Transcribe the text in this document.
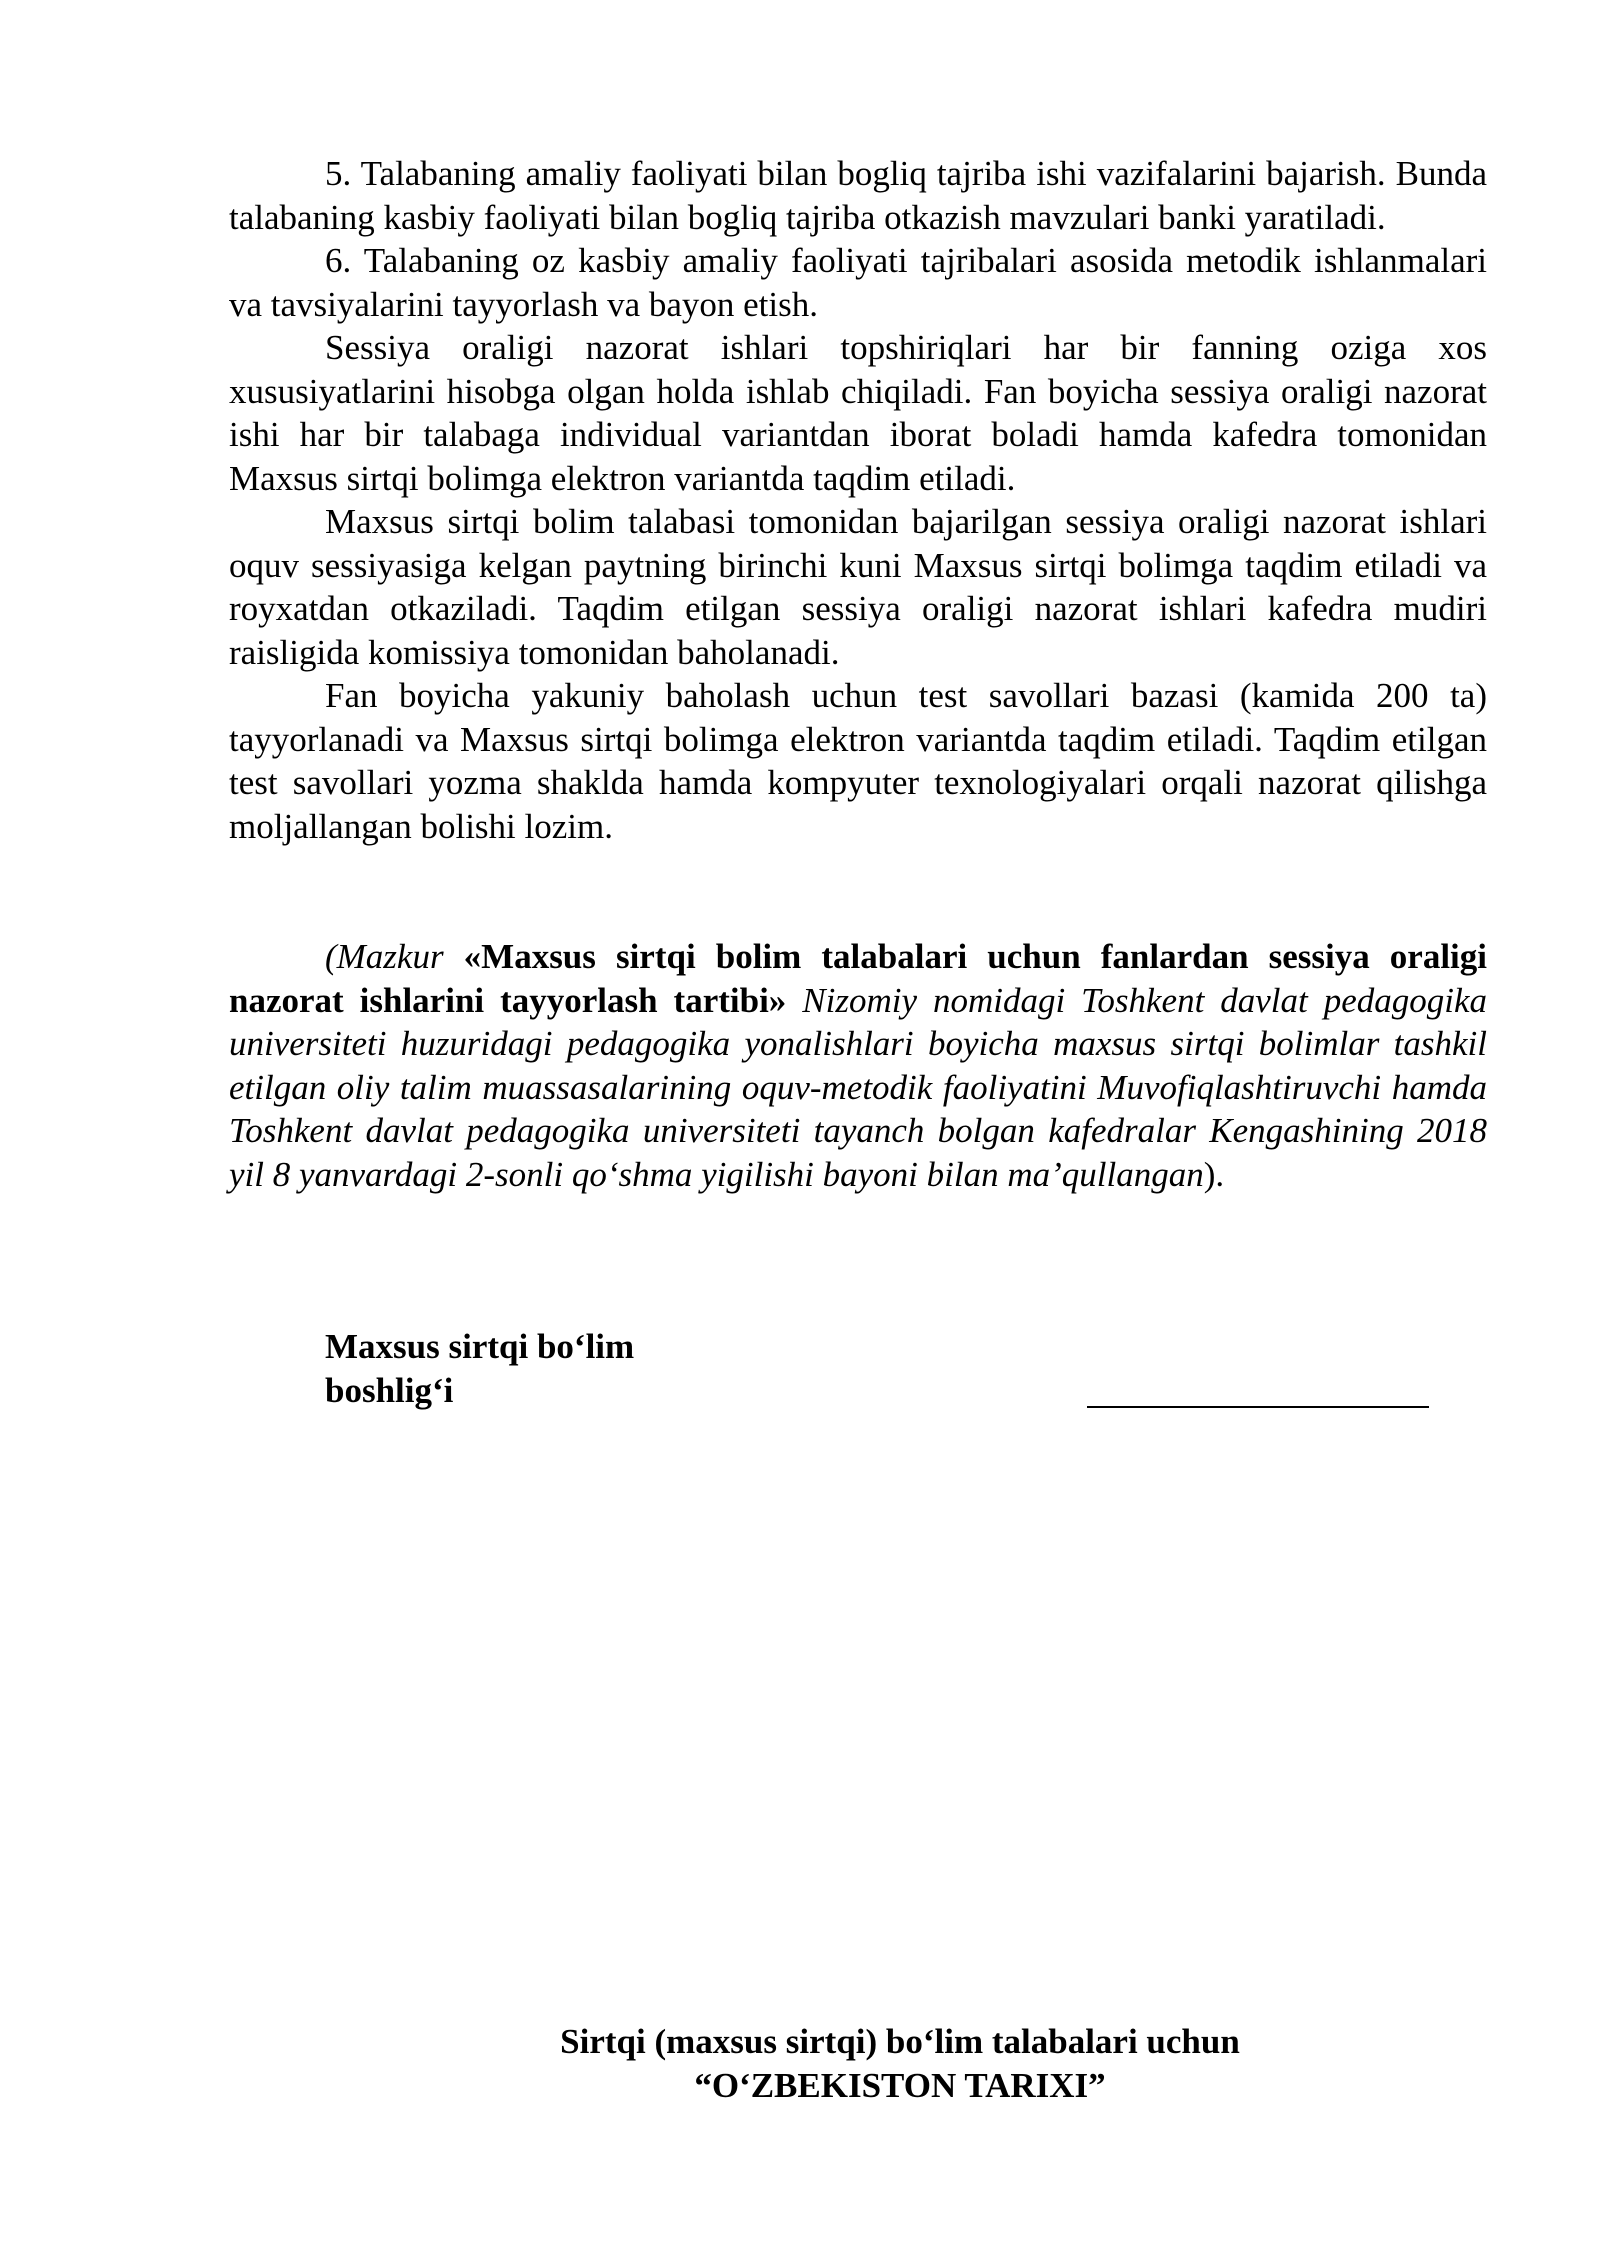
5. Talabaning amaliy faoliyati bilan bogliq tajriba ishi vazifalarini bajarish. Bunda talabaning kasbiy faoliyati bilan bogliq tajriba otkazish mavzulari banki yaratiladi.

6. Talabaning oz kasbiy amaliy faoliyati tajribalari asosida metodik ishlanmalari va tavsiyalarini tayyorlash va bayon etish.

Sessiya oraligi nazorat ishlari topshiriqlari har bir fanning oziga xos xususiyatlarini hisobga olgan holda ishlab chiqiladi. Fan boyicha sessiya oraligi nazorat ishi har bir talabaga individual variantdan iborat boladi hamda kafedra tomonidan Maxsus sirtqi bolimga elektron variantda taqdim etiladi.

Maxsus sirtqi bolim talabasi tomonidan bajarilgan sessiya oraligi nazorat ishlari oquv sessiyasiga kelgan paytning birinchi kuni Maxsus sirtqi bolimga taqdim etiladi va royxatdan otkaziladi. Taqdim etilgan sessiya oraligi nazorat ishlari kafedra mudiri raisligida komissiya tomonidan baholanadi.

Fan boyicha yakuniy baholash uchun test savollari bazasi (kamida 200 ta) tayyorlanadi va Maxsus sirtqi bolimga elektron variantda taqdim etiladi. Taqdim etilgan test savollari yozma shaklda hamda kompyuter texnologiyalari orqali nazorat qilishga moljallangan bolishi lozim.

(Mazkur «Maxsus sirtqi bolim talabalari uchun fanlardan sessiya oraligi nazorat ishlarini tayyorlash tartibi» Nizomiy nomidagi Toshkent davlat pedagogika universiteti huzuridagi pedagogika yonalishlari boyicha maxsus sirtqi bolimlar tashkil etilgan oliy talim muassasalarining oquv-metodik faoliyatini Muvofiqlashtiruvchi hamda Toshkent davlat pedagogika universiteti tayanch bolgan kafedralar Kengashining 2018 yil 8 yanvardagi 2-sonli qo‘shma yigilishi bayoni bilan ma’qullangan).

Maxsus sirtqi bo‘lim
boshlig‘i
Sirtqi (maxsus sirtqi) bo‘lim talabalari uchun
“O‘ZBEKISTON TARIXI”
